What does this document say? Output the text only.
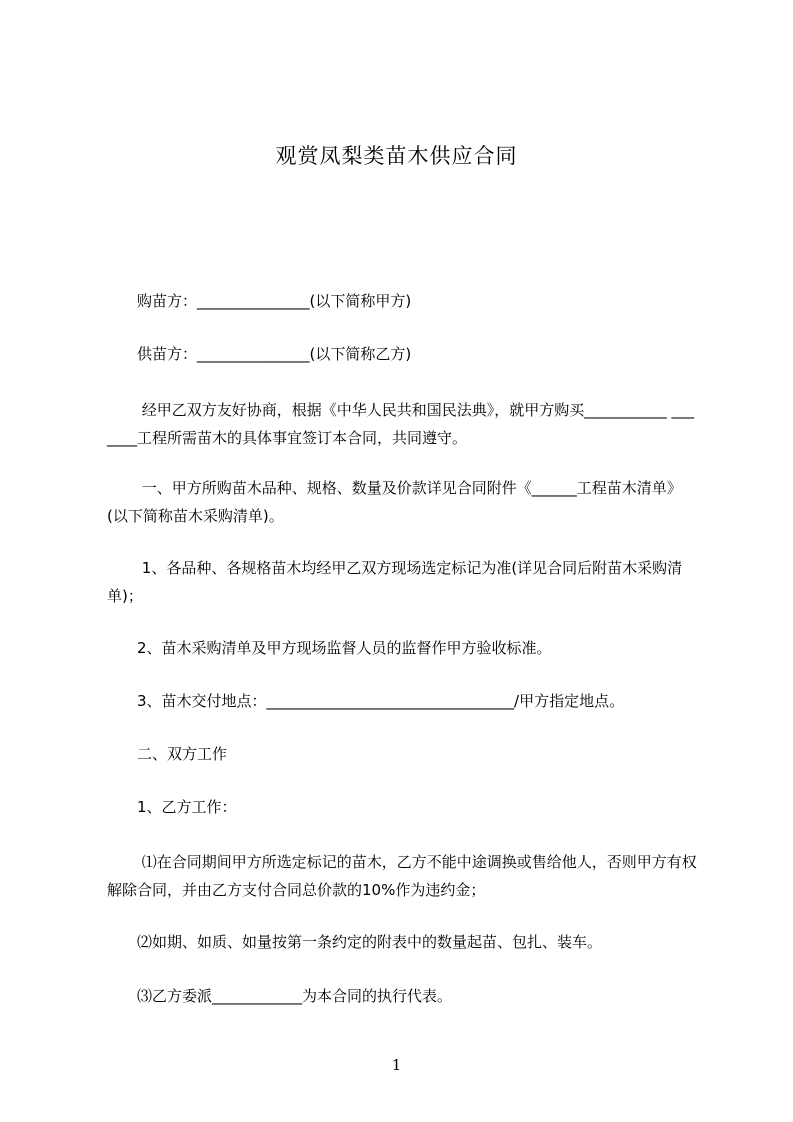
观赏凤梨类苗木供应合同
购苗方：_______________(以下简称甲方)
供苗方：_______________(以下简称乙方)
经甲乙双方友好协商，根据《中华人民共和国民法典》，就甲方购买___________ _______工程所需苗木的具体事宜签订本合同，共同遵守。
一、甲方所购苗木品种、规格、数量及价款详见合同附件《______工程苗木清单》(以下简称苗木采购清单)。
1、各品种、各规格苗木均经甲乙双方现场选定标记为准(详见合同后附苗木采购清单)；
2、苗木采购清单及甲方现场监督人员的监督作甲方验收标准。
3、苗木交付地点：_________________________________/甲方指定地点。
二、双方工作
1、乙方工作：
⑴在合同期间甲方所选定标记的苗木，乙方不能中途调换或售给他人，否则甲方有权解除合同，并由乙方支付合同总价款的10%作为违约金；
⑵如期、如质、如量按第一条约定的附表中的数量起苗、包扎、装车。
⑶乙方委派____________为本合同的执行代表。
1
